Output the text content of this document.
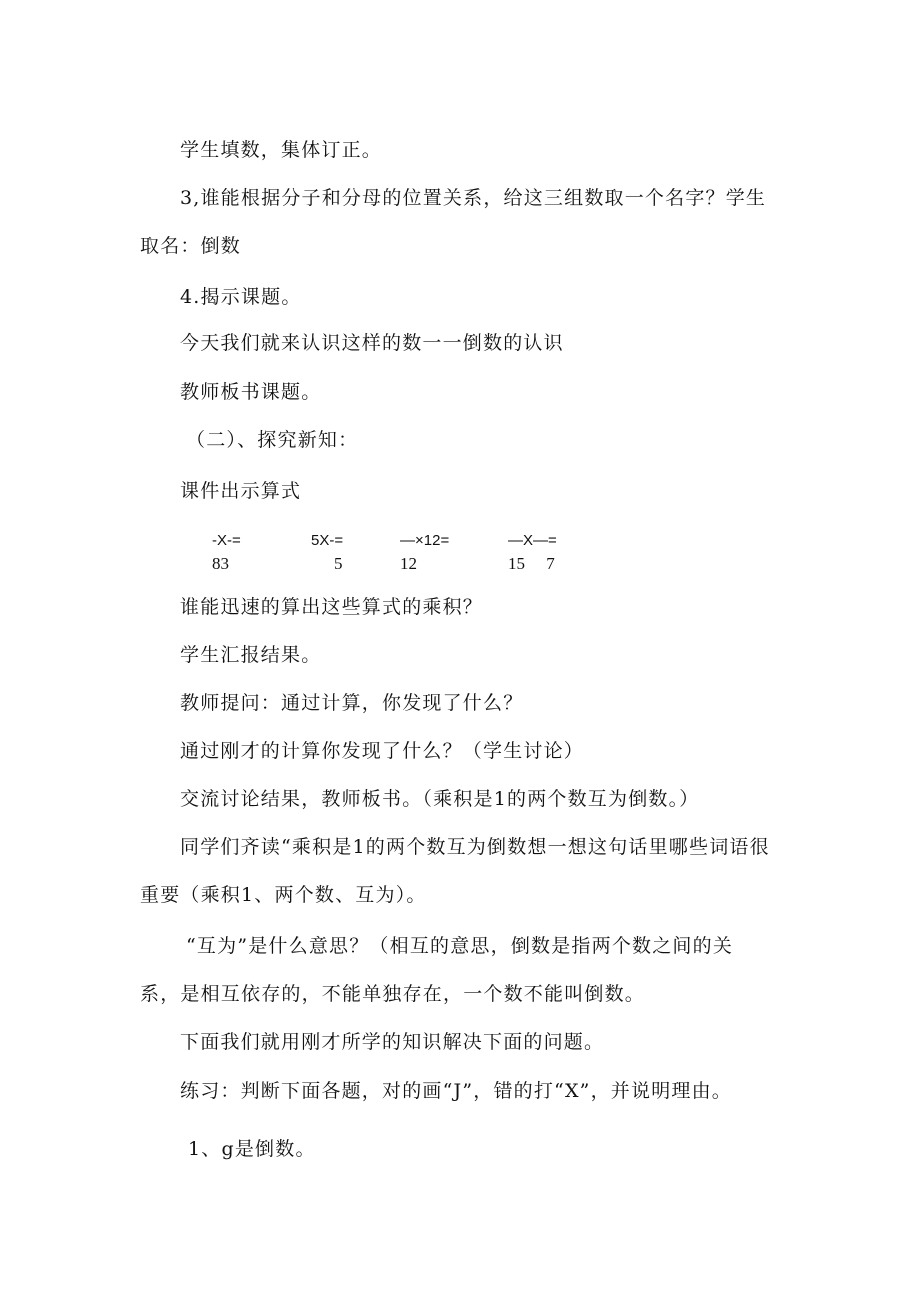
学生填数，集体订正。
3,谁能根据分子和分母的位置关系，给这三组数取一个名字？学生
取名：倒数
4.揭示课题。
今天我们就来认识这样的数一一倒数的认识
教师板书课题。
（二）、探究新知：
课件出示算式
-X-=
83
5X-=
5
—×12=
12
—X—=
15     7
谁能迅速的算出这些算式的乘积？
学生汇报结果。
教师提问：通过计算，你发现了什么？
通过刚才的计算你发现了什么？（学生讨论）
交流讨论结果，教师板书。（乘积是1的两个数互为倒数。）
同学们齐读“乘积是1的两个数互为倒数想一想这句话里哪些词语很
重要（乘积1、两个数、互为）。
“互为”是什么意思？（相互的意思，倒数是指两个数之间的关
系，是相互依存的，不能单独存在，一个数不能叫倒数。
下面我们就用刚才所学的知识解决下面的问题。
练习：判断下面各题，对的画“J”，错的打“X”，并说明理由。
1、g是倒数。
